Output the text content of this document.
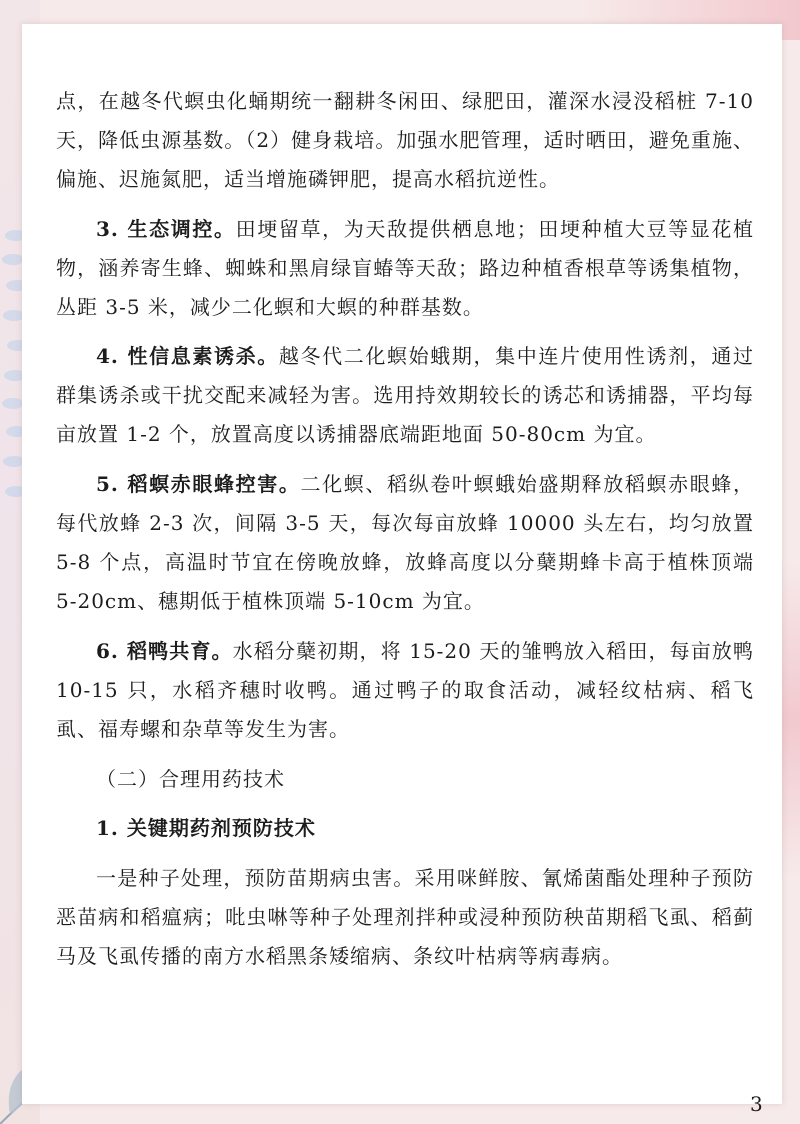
点，在越冬代螟虫化蛹期统一翻耕冬闲田、绿肥田，灌深水浸没稻桩 7-10 天，降低虫源基数。（2）健身栽培。加强水肥管理，适时晒田，避免重施、偏施、迟施氮肥，适当增施磷钾肥，提高水稻抗逆性。

3. 生态调控。田埂留草，为天敌提供栖息地；田埂种植大豆等显花植物，涵养寄生蜂、蜘蛛和黑肩绿盲蝽等天敌；路边种植香根草等诱集植物，丛距 3-5 米，减少二化螟和大螟的种群基数。

4. 性信息素诱杀。越冬代二化螟始蛾期，集中连片使用性诱剂，通过群集诱杀或干扰交配来减轻为害。选用持效期较长的诱芯和诱捕器，平均每亩放置 1-2 个，放置高度以诱捕器底端距地面 50-80cm 为宜。

5. 稻螟赤眼蜂控害。二化螟、稻纵卷叶螟蛾始盛期释放稻螟赤眼蜂，每代放蜂 2-3 次，间隔 3-5 天，每次每亩放蜂 10000 头左右，均匀放置 5-8 个点，高温时节宜在傍晚放蜂，放蜂高度以分蘖期蜂卡高于植株顶端 5-20cm、穗期低于植株顶端 5-10cm 为宜。

6. 稻鸭共育。水稻分蘖初期，将 15-20 天的雏鸭放入稻田，每亩放鸭 10-15 只，水稻齐穗时收鸭。通过鸭子的取食活动，减轻纹枯病、稻飞虱、福寿螺和杂草等发生为害。

（二）合理用药技术

1. 关键期药剂预防技术

一是种子处理，预防苗期病虫害。采用咪鲜胺、氰烯菌酯处理种子预防恶苗病和稻瘟病；吡虫啉等种子处理剂拌种或浸种预防秧苗期稻飞虱、稻蓟马及飞虱传播的南方水稻黑条矮缩病、条纹叶枯病等病毒病。

3
